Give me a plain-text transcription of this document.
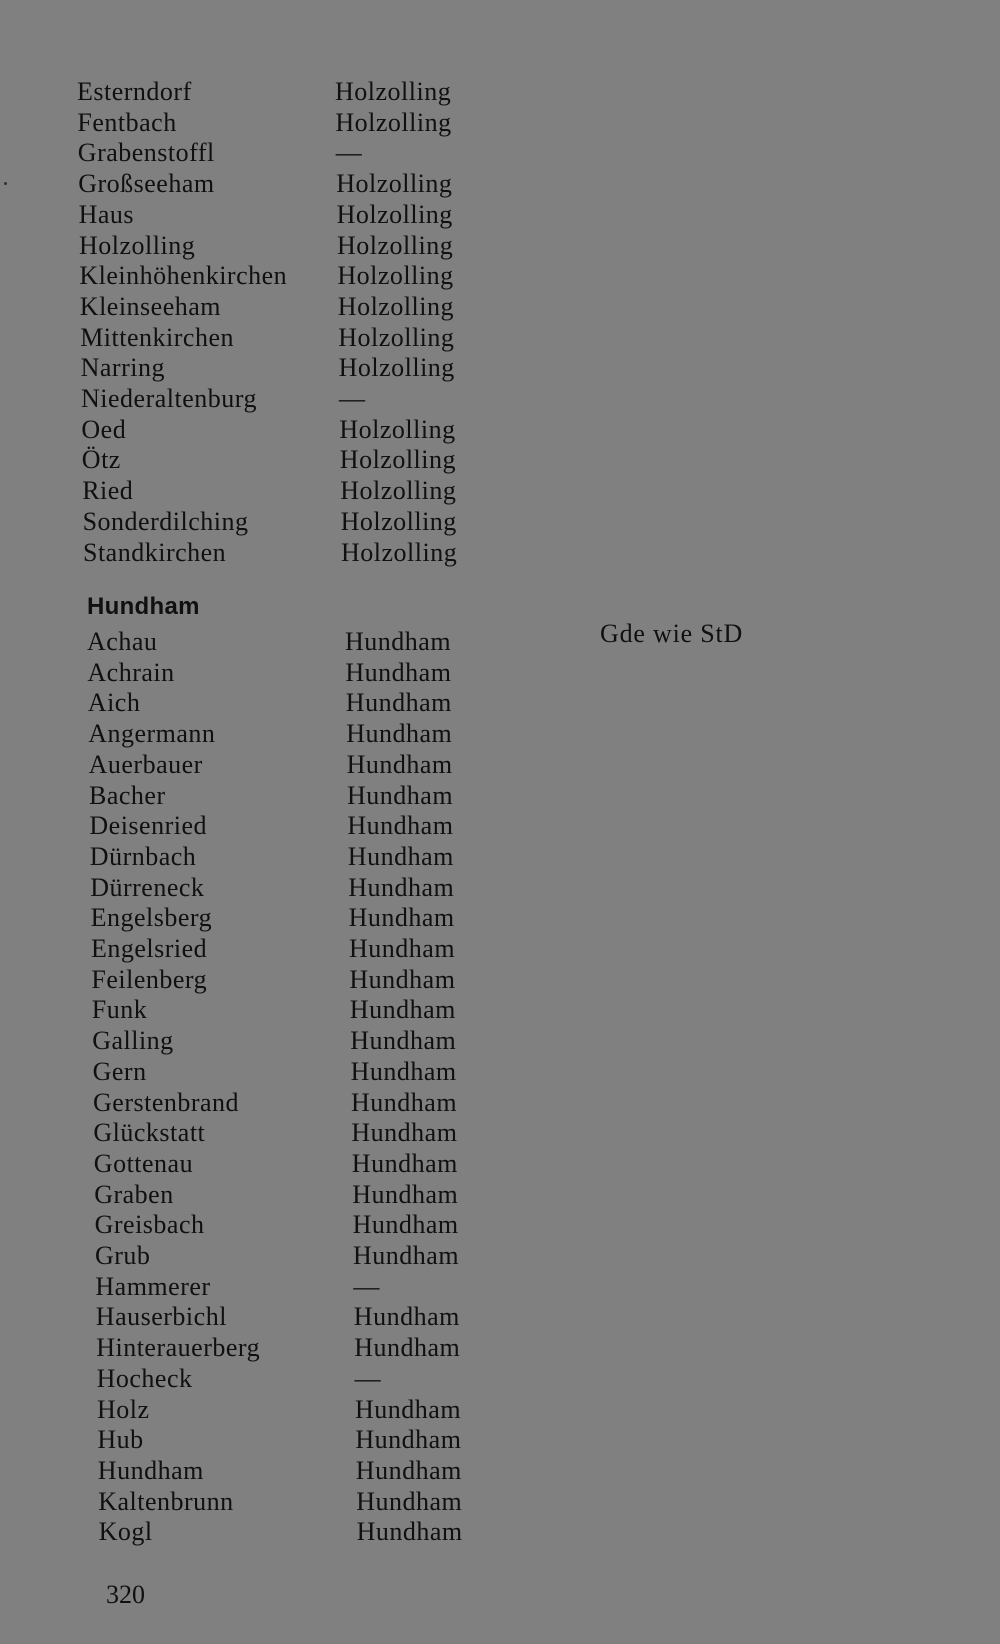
Esterndorf	Holzolling
Fentbach	Holzolling
Grabenstoffl	—
Großseeham	Holzolling
Haus	Holzolling
Holzolling	Holzolling
Kleinhöhenkirchen Holzolling
Kleinseeham	Holzolling
Mittenkirchen	Holzolling
Narring	Holzolling
Niederaltenburg	—
Oed	Holzolling
Ötz	Holzolling
Ried	Holzolling
Sonderdilching	Holzolling
Standkirchen	Holzolling
Hundham
Gde wie StD
Achau	Hundham
Achrain	Hundham
Aich	Hundham
Angermann	Hundham
Auerbauer	Hundham
Bacher	Hundham
Deisenried	Hundham
Dürnbach	Hundham
Dürreneck	Hundham
Engelsberg	Hundham
Engelsried	Hundham
Feilenberg	Hundham
Funk	Hundham
Galling	Hundham
Gern	Hundham
Gerstenbrand	Hundham
Glückstatt	Hundham
Gottenau	Hundham
Graben	Hundham
Greisbach	Hundham
Grub	Hundham
Hammerer	—
Hauserbichl	Hundham
Hinterauerberg	Hundham
Hocheck	—
Holz	Hundham
Hub	Hundham
Hundham	Hundham
Kaltenbrunn	Hundham
Kogl	Hundham
320
